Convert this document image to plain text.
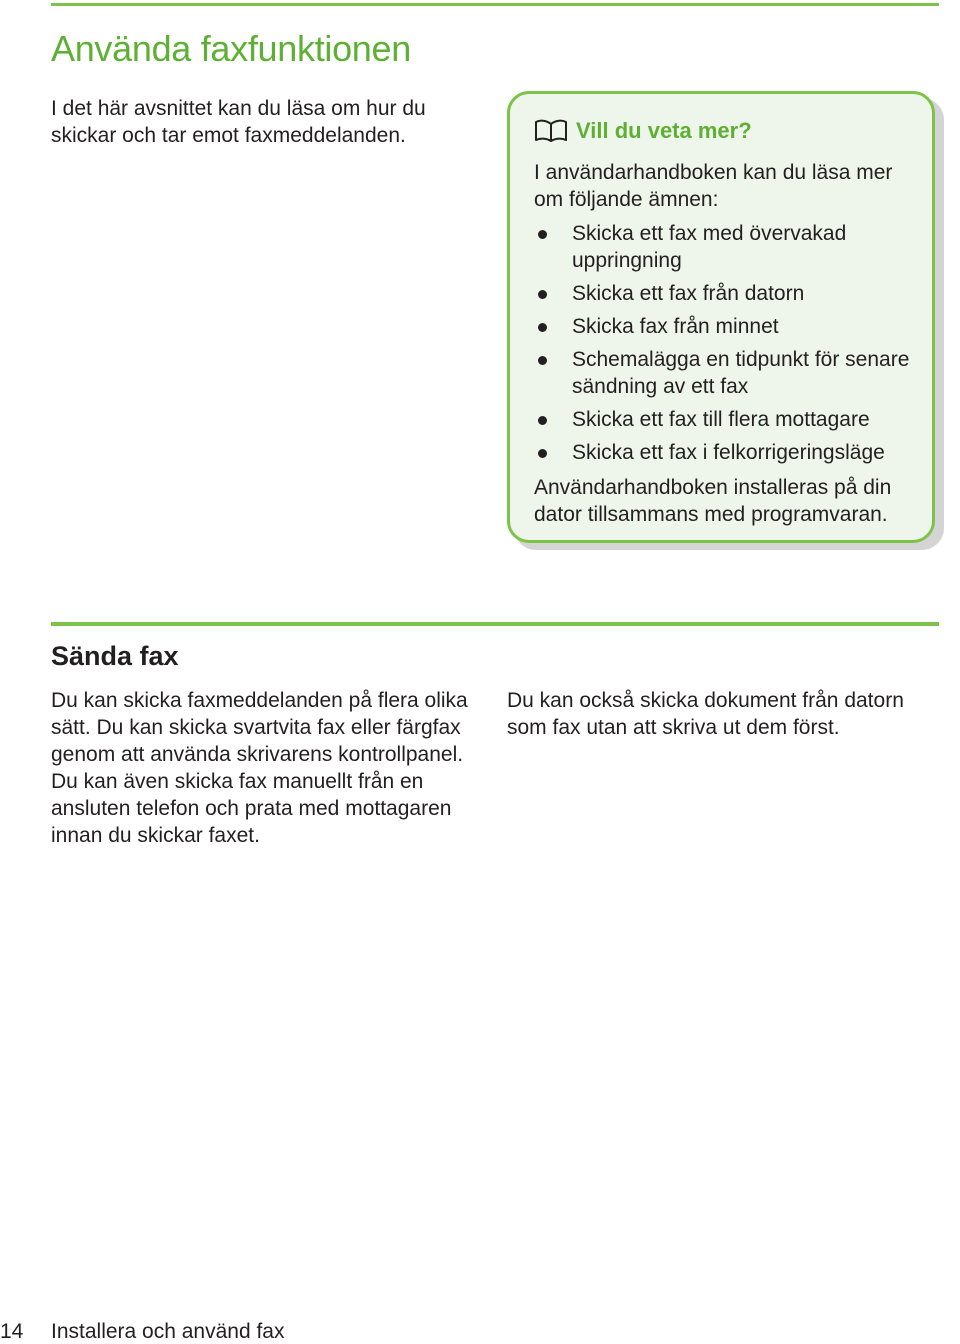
Använda faxfunktionen

I det här avsnittet kan du läsa om hur du skickar och tar emot faxmeddelanden.	Vill du veta mer?

I användarhandboken kan du läsa mer om följande ämnen:

Skicka ett fax med övervakad uppringning
Skicka ett fax från datorn
Skicka fax från minnet
Schemalägga en tidpunkt för senare sändning av ett fax
Skicka ett fax till flera mottagare
Skicka ett fax i felkorrigeringsläge

Användarhandboken installeras på din dator tillsammans med programvaran.

Sända fax

Du kan skicka faxmeddelanden på flera olika sätt. Du kan skicka svartvita fax eller färgfax genom att använda skrivarens kontrollpanel. Du kan även skicka fax manuellt från en ansluten telefon och prata med mottagaren innan du skickar faxet.

Du kan också skicka dokument från datorn som fax utan att skriva ut dem först.

14 Installera och använd fax
